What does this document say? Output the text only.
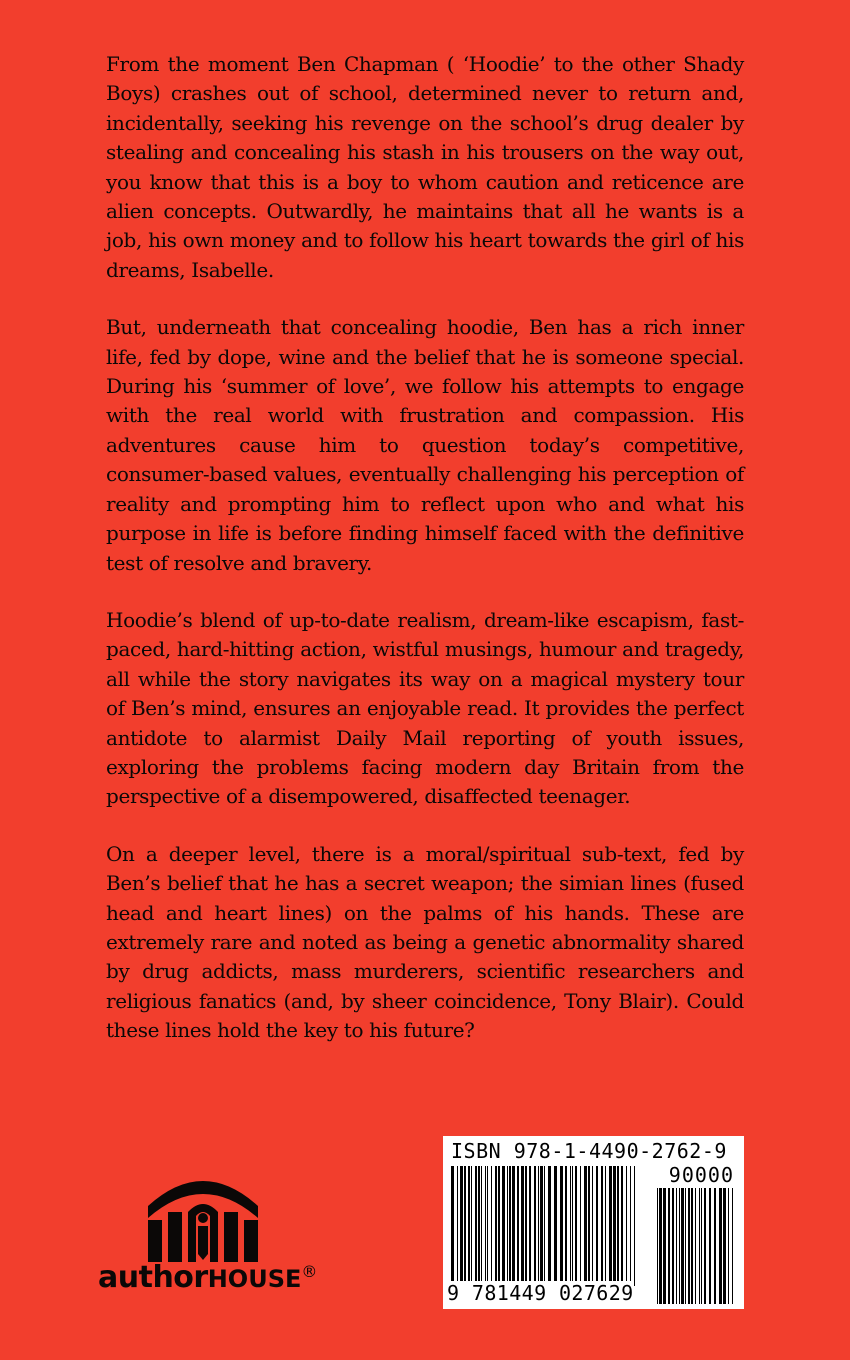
From the moment Ben Chapman ( ‘Hoodie’ to the other Shady Boys) crashes out of school, determined never to return and, incidentally, seeking his revenge on the school’s drug dealer by stealing and concealing his stash in his trousers on the way out, you know that this is a boy to whom caution and reticence are alien concepts. Outwardly, he maintains that all he wants is a job, his own money and to follow his heart towards the girl of his dreams, Isabelle.

But, underneath that concealing hoodie, Ben has a rich inner life, fed by dope, wine and the belief that he is someone special. During his ‘summer of love’, we follow his attempts to engage with the real world with frustration and compassion. His adventures cause him to question today’s competitive, consumer-based values, eventually challenging his perception of reality and prompting him to reflect upon who and what his purpose in life is before finding himself faced with the definitive test of resolve and bravery.

Hoodie’s blend of up-to-date realism, dream-like escapism, fast-paced, hard-hitting action, wistful musings, humour and tragedy, all while the story navigates its way on a magical mystery tour of Ben’s mind, ensures an enjoyable read. It provides the perfect antidote to alarmist Daily Mail reporting of youth issues, exploring the problems facing modern day Britain from the perspective of a disempowered, disaffected teenager.

On a deeper level, there is a moral/spiritual sub-text, fed by Ben’s belief that he has a secret weapon; the simian lines (fused head and heart lines) on the palms of his hands. These are extremely rare and noted as being a genetic abnormality shared by drug addicts, mass murderers, scientific researchers and religious fanatics (and, by sheer coincidence, Tony Blair). Could these lines hold the key to his future?

authorHOUSE®
ISBN 978-1-4490-2762-9
90000
9 781449 027629
